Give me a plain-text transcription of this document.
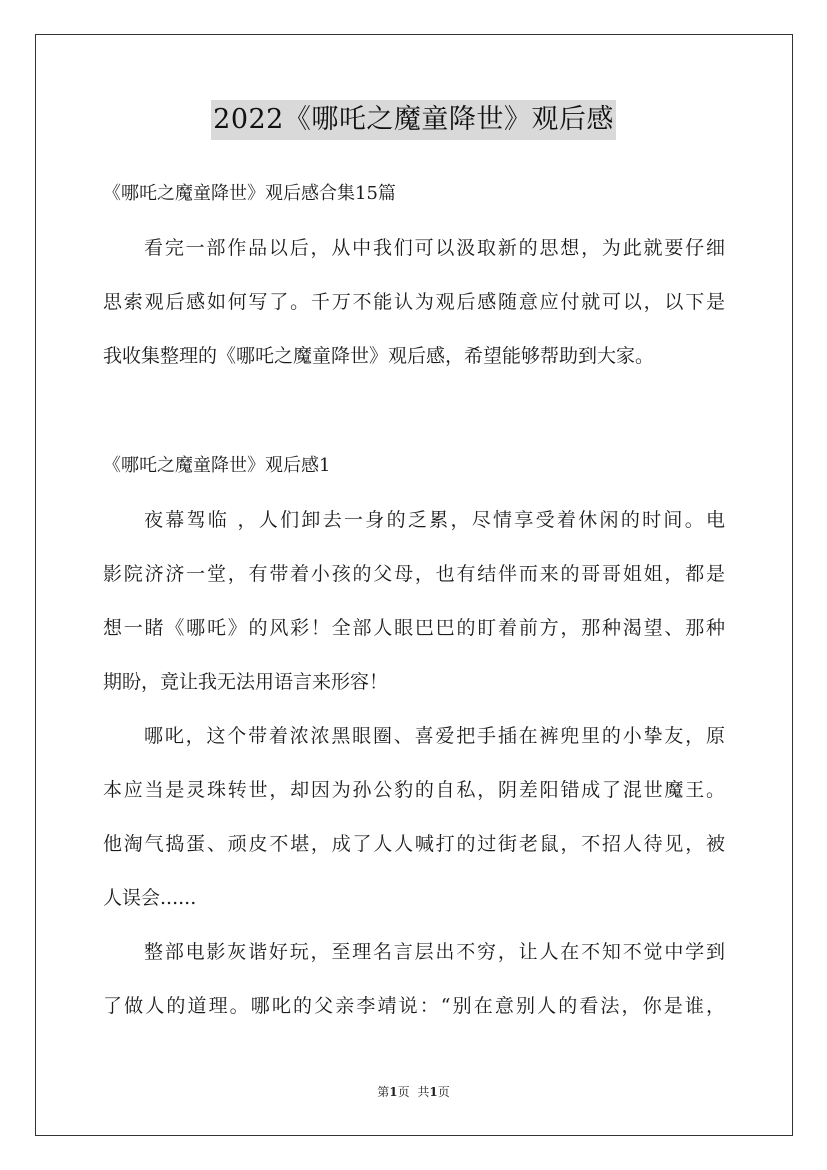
2022《哪吒之魔童降世》观后感
《哪吒之魔童降世》观后感合集15篇
看完一部作品以后，从中我们可以汲取新的思想，为此就要仔细
思索观后感如何写了。千万不能认为观后感随意应付就可以，以下是
我收集整理的《哪吒之魔童降世》观后感，希望能够帮助到大家。
《哪吒之魔童降世》观后感1
夜幕驾临 ，人们卸去一身的乏累，尽情享受着休闲的时间。电
影院济济一堂，有带着小孩的父母，也有结伴而来的哥哥姐姐，都是
想一睹《哪吒》的风彩！全部人眼巴巴的盯着前方，那种渴望、那种
期盼，竟让我无法用语言来形容！
哪叱，这个带着浓浓黑眼圈、喜爱把手插在裤兜里的小挚友，原
本应当是灵珠转世，却因为孙公豹的自私，阴差阳错成了混世魔王。
他淘气捣蛋、顽皮不堪，成了人人喊打的过街老鼠，不招人待见，被
人误会......
整部电影灰谐好玩，至理名言层出不穷，让人在不知不觉中学到
了做人的道理。哪叱的父亲李靖说：“别在意别人的看法，你是谁，
第1页 共1页
